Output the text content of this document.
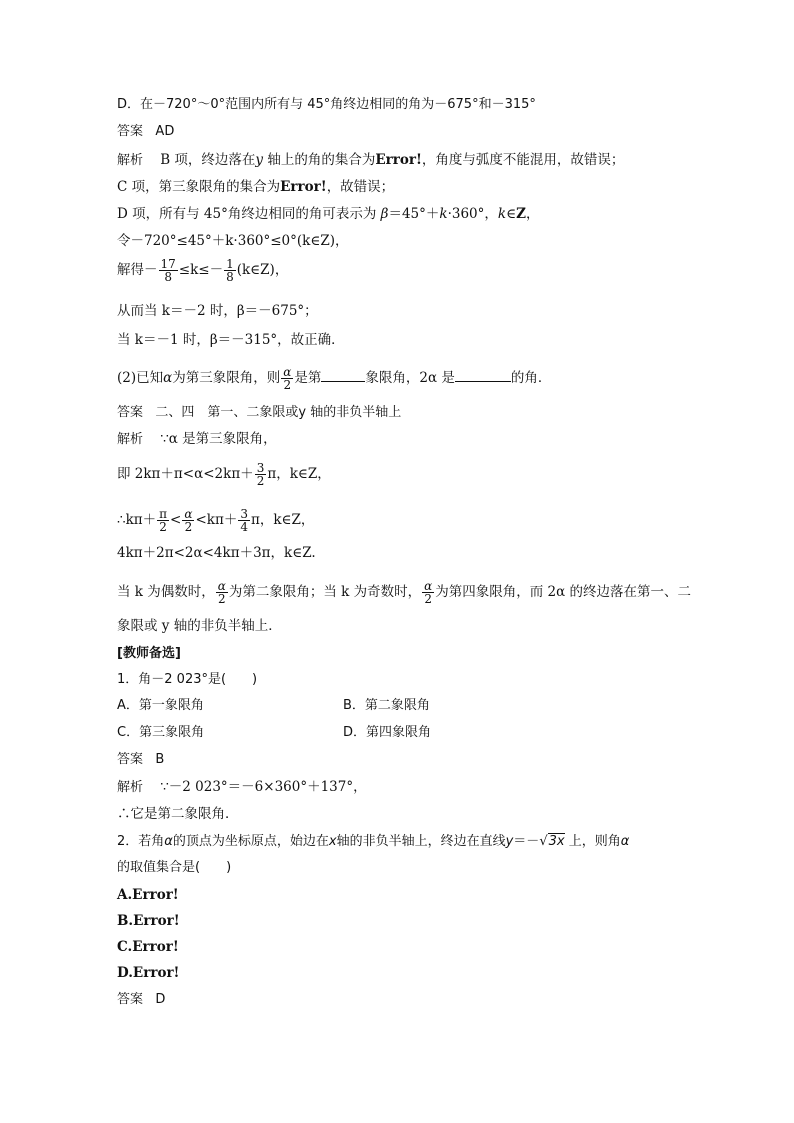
D．在－720°～0°范围内所有与 45°角终边相同的角为－675°和－315°
答案 AD
解析 B 项，终边落在y 轴上的角的集合为Error!，角度与弧度不能混用，故错误；
C 项，第三象限角的集合为Error!，故错误；
D 项，所有与 45°角终边相同的角可表示为 β＝45°＋k·360°，k∈Z，
令－720°≤45°＋k·360°≤0°(k∈Z)，
解得－ $\frac{17}{8} \le k\le- \frac{1}{8}$ (k∈Z)，
从而当 k＝－2 时，β＝－675°；
当 k＝－1 时，β＝－315°，故正确．
(2)已知α为第三象限角，则 $\frac{\alpha}{2}$ 是第	象限角，2α 是	的角．
答案 二、四　第一、二象限或y 轴的非负半轴上
解析 ∵α 是第三象限角，
即 $2k\pi+\pi<\alpha<2k\pi+ \frac{3}{2}$ π，k∈Z，
∴kπ＋ $\frac{\pi}{2} < \frac{\alpha}{2} <k\pi+ \frac{3}{4}$ π，k∈Z，
4kπ＋2π<2α<4kπ＋3π，k∈Z.
当 k 为偶数时， $\frac{\alpha}{2}$ 为第二象限角；当 k 为奇数时， $\frac{\alpha}{2}$ 为第四象限角，而 2α 的终边落在第一、二
象限或 y 轴的非负半轴上．
[教师备选]
1．角－2 023°是(　　)
A．第一象限角	B．第二象限角
C．第三象限角	D．第四象限角
答案 B
解析 ∵－2 023°＝－6×360°＋137°，
∴它是第二象限角．
2．若角α的顶点为坐标原点，始边在x轴的非负半轴上，终边在直线y＝－√3x 上，则角α
的取值集合是(　　)
A.Error!
B.Error!
C.Error!
D.Error!
答案 D
